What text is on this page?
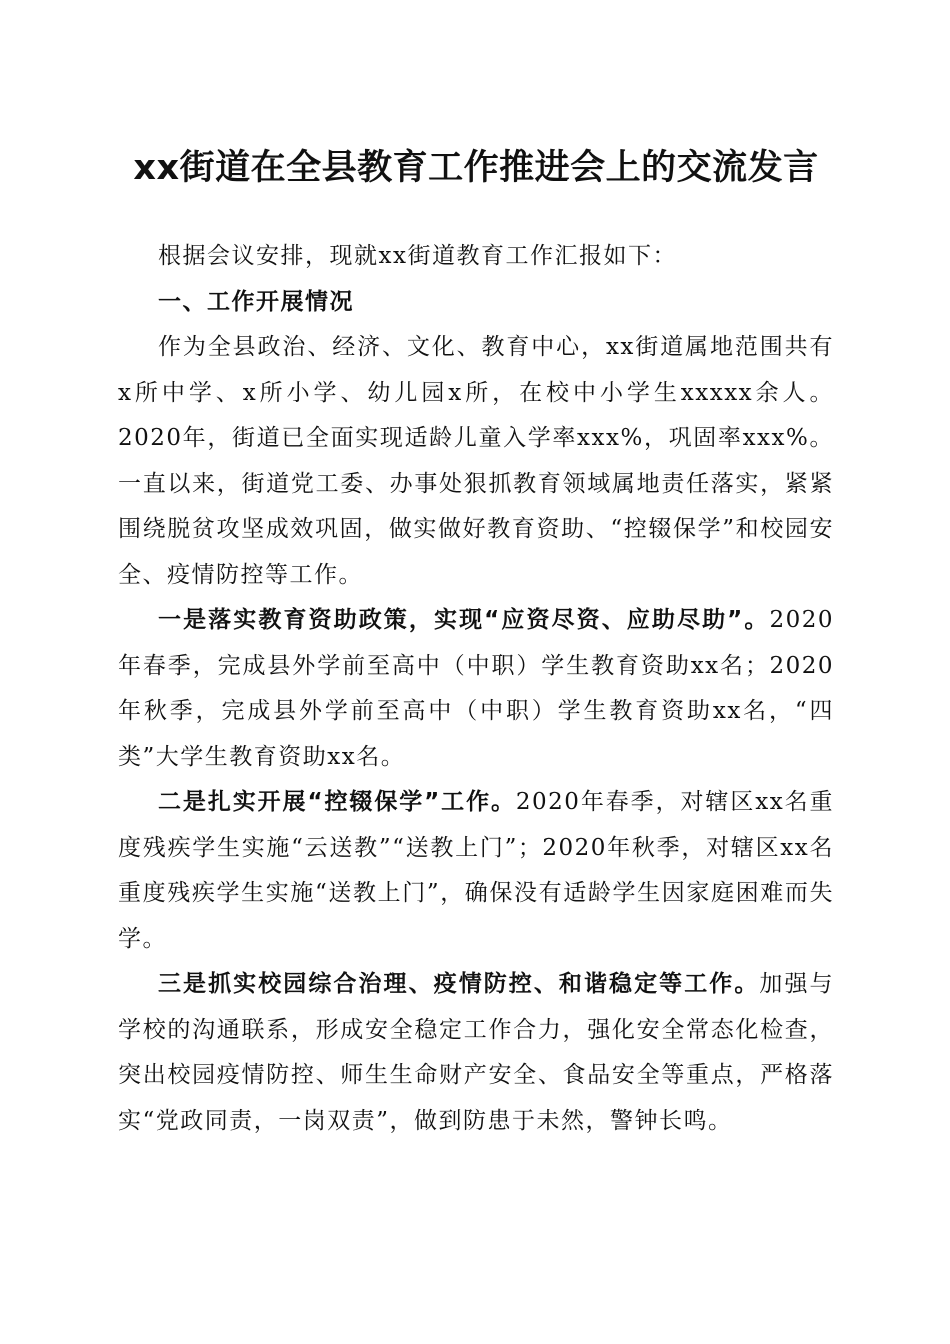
xx街道在全县教育工作推进会上的交流发言

根据会议安排，现就xx街道教育工作汇报如下：

一、工作开展情况

作为全县政治、经济、文化、教育中心，xx街道属地范围共有x所中学、x所小学、幼儿园x所，在校中小学生xxxxx余人。2020年，街道已全面实现适龄儿童入学率xxx%，巩固率xxx%。一直以来，街道党工委、办事处狠抓教育领域属地责任落实，紧紧围绕脱贫攻坚成效巩固，做实做好教育资助、“控辍保学”和校园安全、疫情防控等工作。

一是落实教育资助政策，实现“应资尽资、应助尽助”。2020年春季，完成县外学前至高中（中职）学生教育资助xx名；2020年秋季，完成县外学前至高中（中职）学生教育资助xx名，“四类”大学生教育资助xx名。

二是扎实开展“控辍保学”工作。2020年春季，对辖区xx名重度残疾学生实施“云送教”“送教上门”；2020年秋季，对辖区xx名重度残疾学生实施“送教上门”，确保没有适龄学生因家庭困难而失学。

三是抓实校园综合治理、疫情防控、和谐稳定等工作。加强与学校的沟通联系，形成安全稳定工作合力，强化安全常态化检查，突出校园疫情防控、师生生命财产安全、食品安全等重点，严格落实“党政同责，一岗双责”，做到防患于未然，警钟长鸣。
